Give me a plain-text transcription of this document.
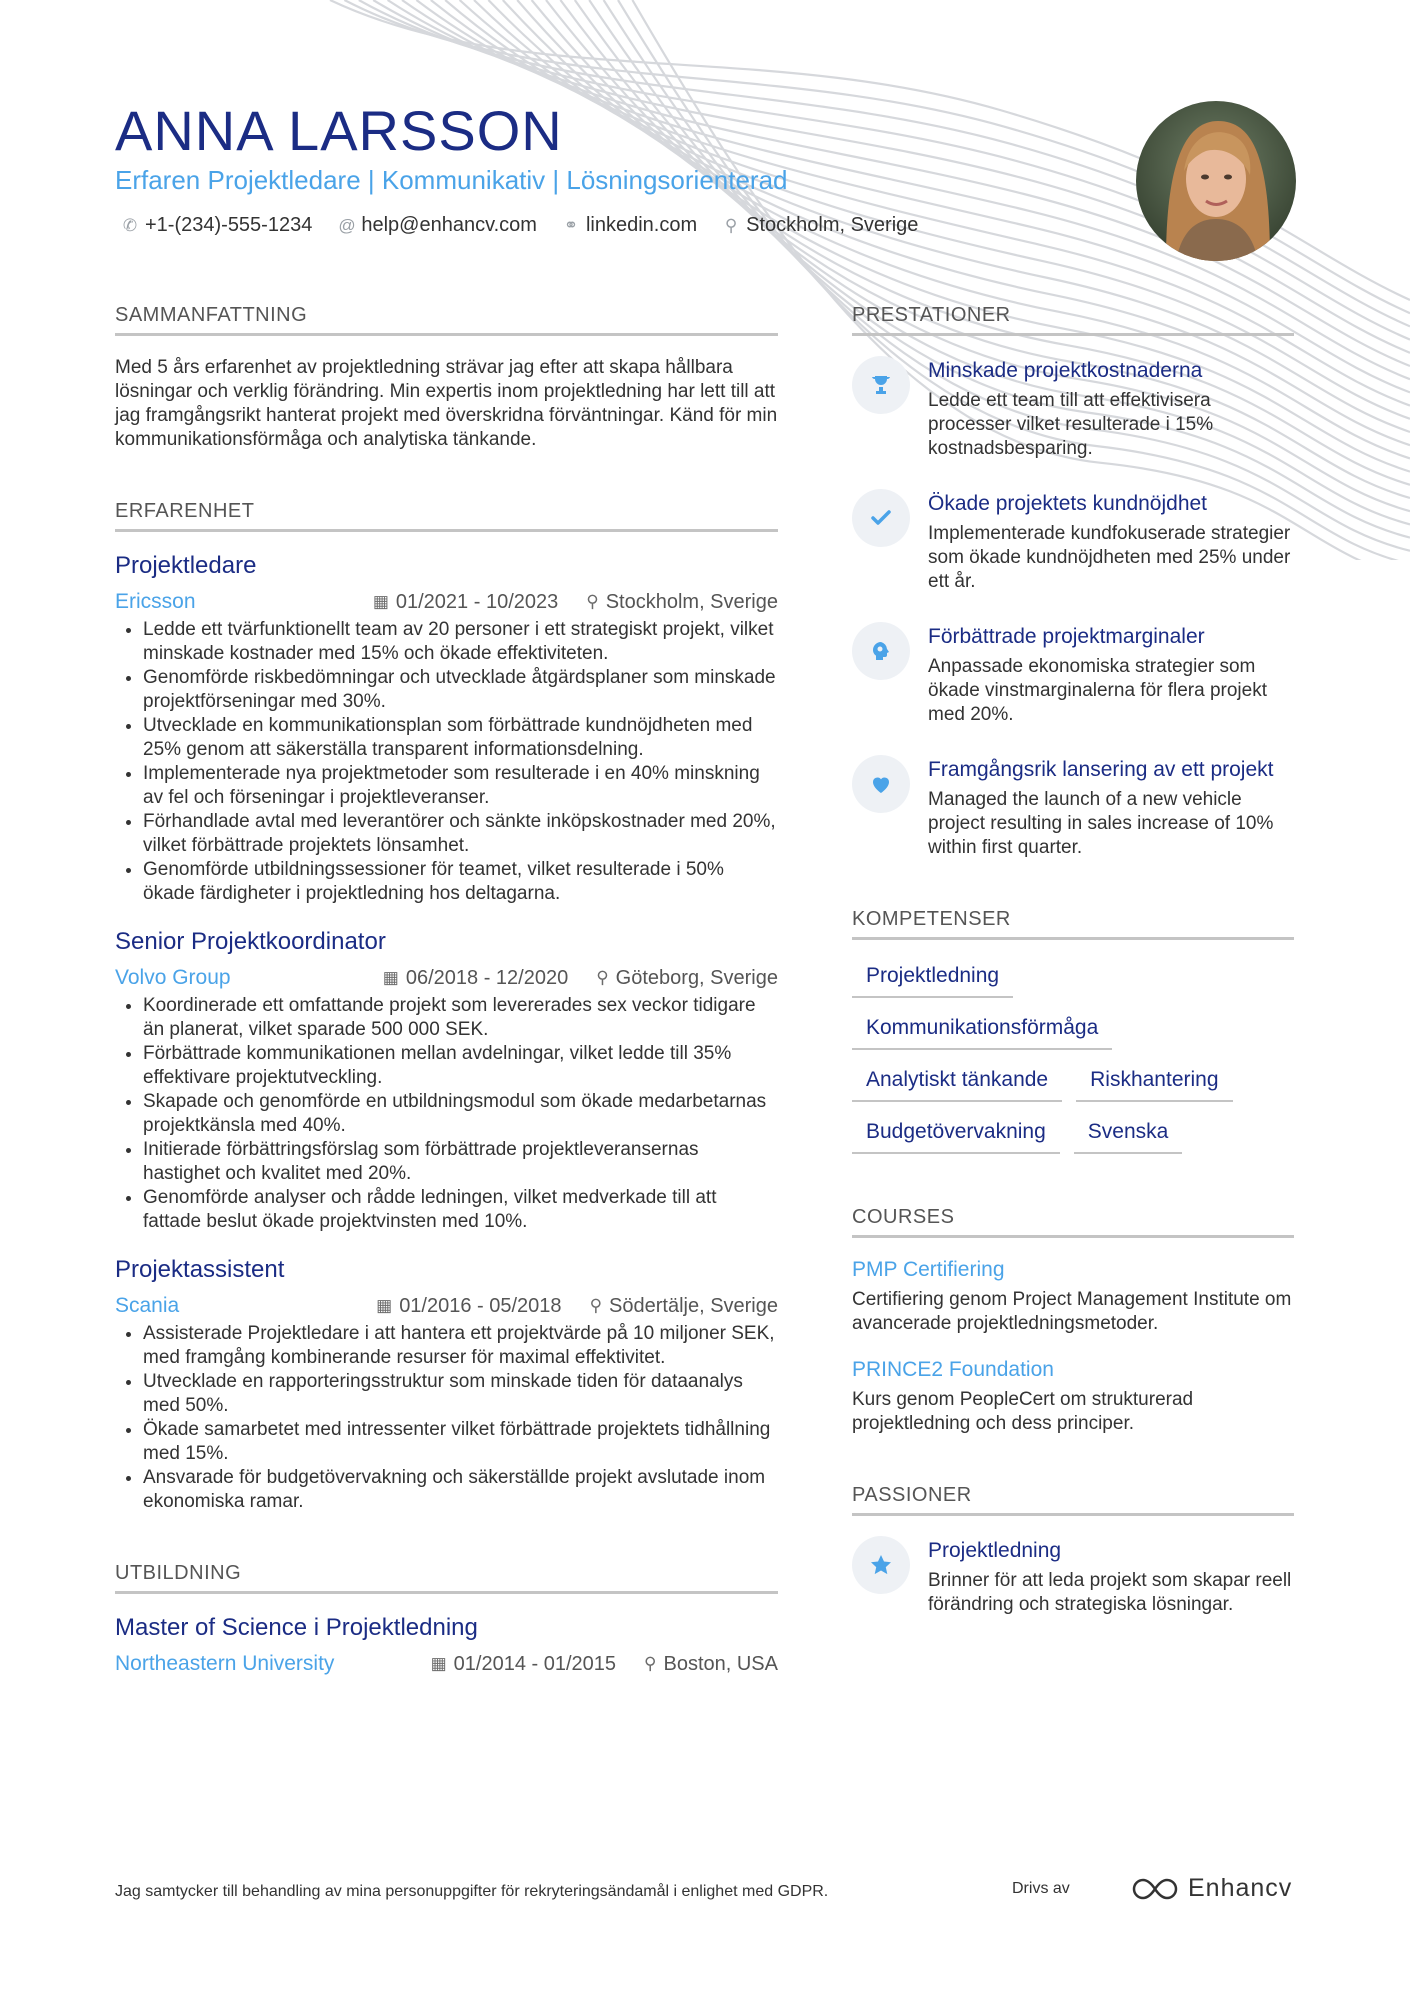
ANNA LARSSON

Erfaren Projektledare | Kommunikativ | Lösningsorienterad

✆ +1-(234)-555-1234 @ help@enhancv.com ⚭ linkedin.com ⚲ Stockholm, Sverige
SAMMANFATTNING

Med 5 års erfarenhet av projektledning strävar jag efter att skapa hållbara lösningar och verklig förändring. Min expertis inom projektledning har lett till att jag framgångsrikt hanterat projekt med överskridna förväntningar. Känd för min kommunikationsförmåga och analytiska tänkande.

ERFARENHET
Projektledare
Ericsson	▦ 01/2021 - 10/2023 ⚲ Stockholm, Sverige
• Ledde ett tvärfunktionellt team av 20 personer i ett strategiskt projekt, vilket minskade kostnader med 15% och ökade effektiviteten.
• Genomförde riskbedömningar och utvecklade åtgärdsplaner som minskade projektförseningar med 30%.
• Utvecklade en kommunikationsplan som förbättrade kundnöjdheten med 25% genom att säkerställa transparent informationsdelning.
• Implementerade nya projektmetoder som resulterade i en 40% minskning av fel och förseningar i projektleveranser.
• Förhandlade avtal med leverantörer och sänkte inköpskostnader med 20%, vilket förbättrade projektets lönsamhet.
• Genomförde utbildningssessioner för teamet, vilket resulterade i 50% ökade färdigheter i projektledning hos deltagarna.
Senior Projektkoordinator
Volvo Group	▦ 06/2018 - 12/2020 ⚲ Göteborg, Sverige
• Koordinerade ett omfattande projekt som levererades sex veckor tidigare än planerat, vilket sparade 500 000 SEK.
• Förbättrade kommunikationen mellan avdelningar, vilket ledde till 35% effektivare projektutveckling.
• Skapade och genomförde en utbildningsmodul som ökade medarbetarnas projektkänsla med 40%.
• Initierade förbättringsförslag som förbättrade projektleveransernas hastighet och kvalitet med 20%.
• Genomförde analyser och rådde ledningen, vilket medverkade till att fattade beslut ökade projektvinsten med 10%.
Projektassistent
Scania	▦ 01/2016 - 05/2018 ⚲ Södertälje, Sverige
• Assisterade Projektledare i att hantera ett projektvärde på 10 miljoner SEK, med framgång kombinerande resurser för maximal effektivitet.
• Utvecklade en rapporteringsstruktur som minskade tiden för dataanalys med 50%.
• Ökade samarbetet med intressenter vilket förbättrade projektets tidhållning med 15%.
• Ansvarade för budgetövervakning och säkerställde projekt avslutade inom ekonomiska ramar.
UTBILDNING
Master of Science i Projektledning
Northeastern University	▦ 01/2014 - 01/2015 ⚲ Boston, USA
PRESTATIONER
Minskade projektkostnaderna

Ledde ett team till att effektivisera processer vilket resulterade i 15% kostnadsbesparing.

Ökade projektets kundnöjdhet

Implementerade kundfokuserade strategier som ökade kundnöjdheten med 25% under ett år.

Förbättrade projektmarginaler

Anpassade ekonomiska strategier som ökade vinstmarginalerna för flera projekt med 20%.

Framgångsrik lansering av ett projekt

Managed the launch of a new vehicle project resulting in sales increase of 10% within first quarter.

KOMPETENSER
Projektledning
Kommunikationsförmåga
Analytiskt tänkande	Riskhantering
Budgetövervakning	Svenska
COURSES
PMP Certifiering

Certifiering genom Project Management Institute om avancerade projektledningsmetoder.

PRINCE2 Foundation

Kurs genom PeopleCert om strukturerad projektledning och dess principer.

PASSIONER
Projektledning

Brinner för att leda projekt som skapar reell förändring och strategiska lösningar.

Jag samtycker till behandling av mina personuppgifter för rekryteringsändamål i enlighet med GDPR.	Drivs av	Enhancv
